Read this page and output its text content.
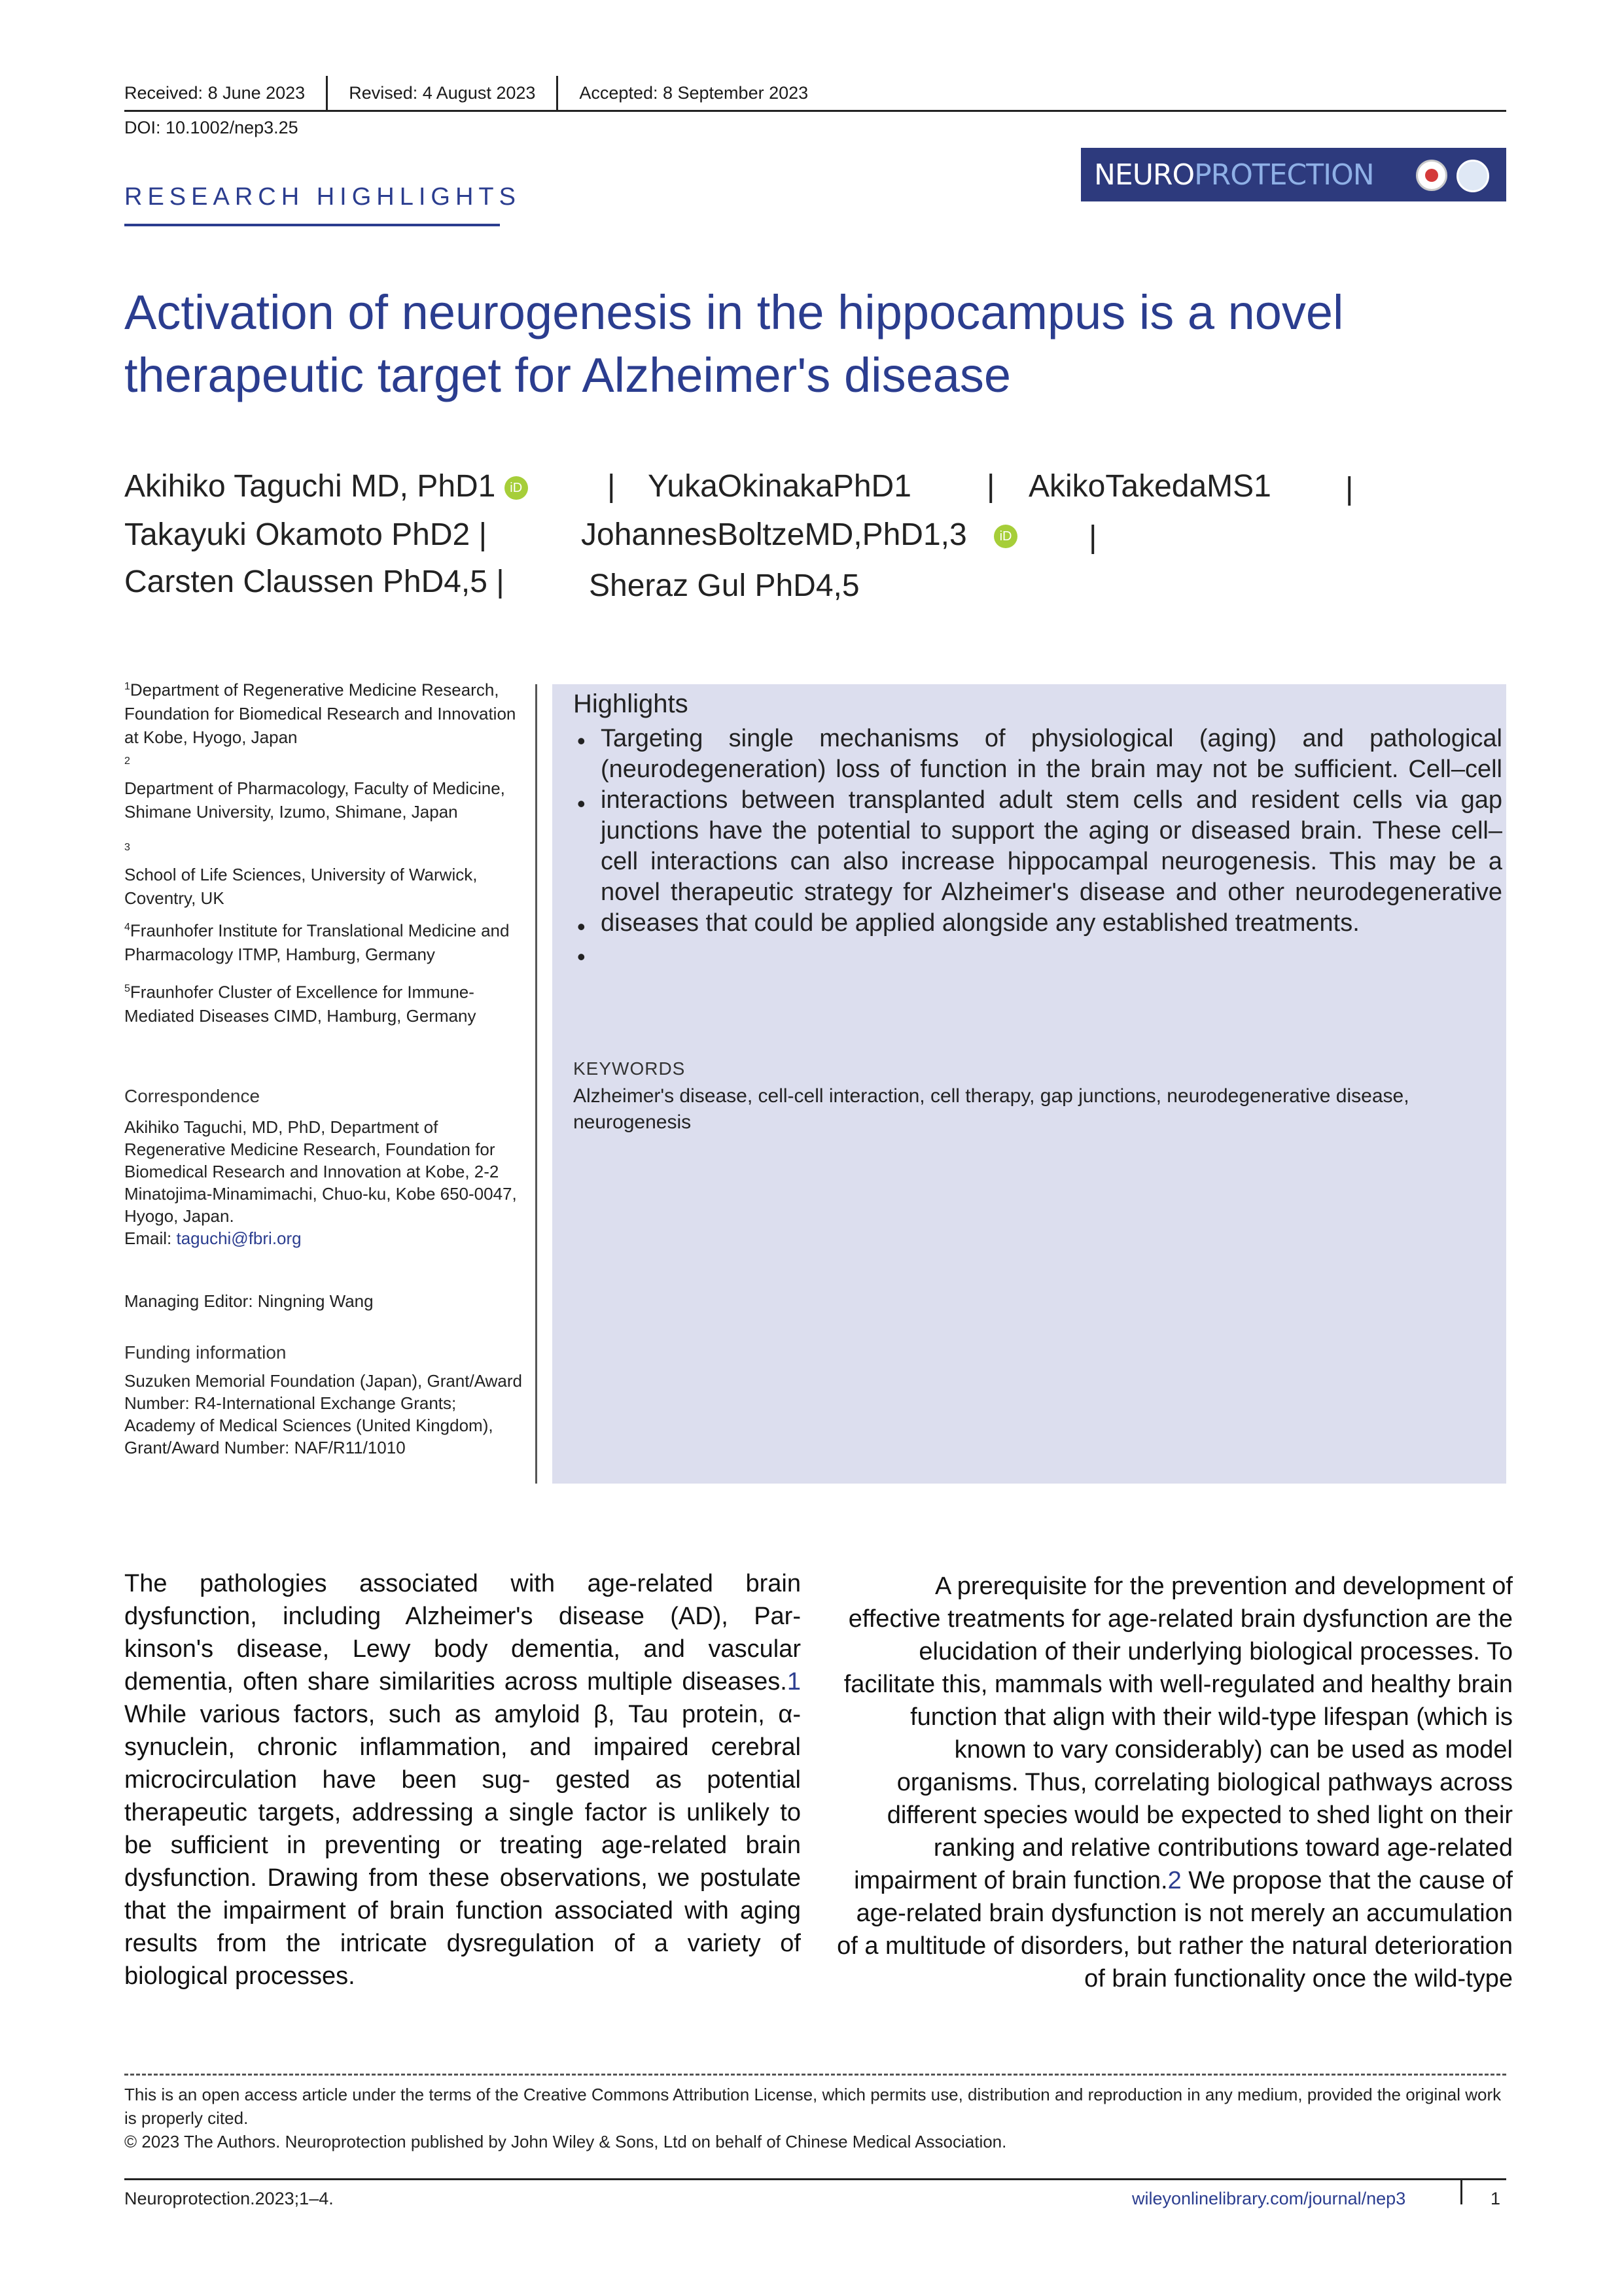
Received: 8 June 2023	Revised: 4 August 2023	Accepted: 8 September 2023
DOI: 10.1002/nep3.25
RESEARCH HIGHLIGHTS
NEURO PROTECTION
Activation of neurogenesis in the hippocampus is a novel therapeutic target for Alzheimer's disease
Akihiko Taguchi MD, PhD1 iD	| YukaOkinakaPhD1 | AkikoTakedaMS1 |
Takayuki Okamoto PhD2 |	JohannesBoltzeMD,PhD1,3 iD |
Carsten Claussen PhD4,5 |	Sheraz Gul PhD4,5
$^1$Department of Regenerative Medicine Research, Foundation for Biomedical Research and Innovation at Kobe, Hyogo, Japan
$^2$
Department of Pharmacology, Faculty of Medicine, Shimane University, Izumo, Shimane, Japan
$^3$
School of Life Sciences, University of Warwick, Coventry, UK
$^4$Fraunhofer Institute for Translational Medicine and Pharmacology ITMP, Hamburg, Germany
$^5$Fraunhofer Cluster of Excellence for Immune-Mediated Diseases CIMD, Hamburg, Germany
Correspondence
Akihiko Taguchi, MD, PhD, Department of Regenerative Medicine Research, Foundation for Biomedical Research and Innovation at Kobe, 2-2 Minatojima-Minamimachi, Chuo-ku, Kobe 650-0047, Hyogo, Japan.
Email: taguchi@fbri.org
Managing Editor: Ningning Wang
Funding information
Suzuken Memorial Foundation (Japan), Grant/Award Number: R4-International Exchange Grants; Academy of Medical Sciences (United Kingdom), Grant/Award Number: NAF/R11/1010
Highlights
•
•
•
•
Targeting single mechanisms of physiological (aging) and pathological (neurodegeneration) loss of function in the brain may not be sufficient. Cell–cell interactions between transplanted adult stem cells and resident cells via gap junctions have the potential to support the aging or diseased brain. These cell–cell interactions can also increase hippocampal neurogenesis. This may be a novel therapeutic strategy for Alzheimer's disease and other neurodegenerative diseases that could be applied alongside any established treatments.
KEYWORDS
Alzheimer's disease, cell-cell interaction, cell therapy, gap junctions, neurodegenerative disease, neurogenesis
The pathologies associated with age-related brain dysfunction, including Alzheimer's disease (AD), Par- kinson's disease, Lewy body dementia, and vascular dementia, often share similarities across multiple diseases.1 While various factors, such as amyloid β, Tau protein, α-synuclein, chronic inflammation, and impaired cerebral microcirculation have been sug- gested as potential therapeutic targets, addressing a single factor is unlikely to be sufficient in preventing or treating age-related brain dysfunction. Drawing from these observations, we postulate that the impairment of brain function associated with aging results from the intricate dysregulation of a variety of biological processes.
A prerequisite for the prevention and development of effective treatments for age-related brain dysfunction are the elucidation of their underlying biological processes. To facilitate this, mammals with well-regulated and healthy brain function that align with their wild-type lifespan (which is known to vary considerably) can be used as model organisms. Thus, correlating biological pathways across different species would be expected to shed light on their ranking and relative contributions toward age-related impairment of brain function.2 We propose that the cause of age-related brain dysfunction is not merely an accumulation of a multitude of disorders, but rather the natural deterioration of brain functionality once the wild-type
This is an open access article under the terms of the Creative Commons Attribution License, which permits use, distribution and reproduction in any medium, provided the original work is properly cited.
© 2023 The Authors. Neuroprotection published by John Wiley & Sons, Ltd on behalf of Chinese Medical Association.
Neuroprotection.2023;1–4.	wileyonlinelibrary.com/journal/nep3	1
